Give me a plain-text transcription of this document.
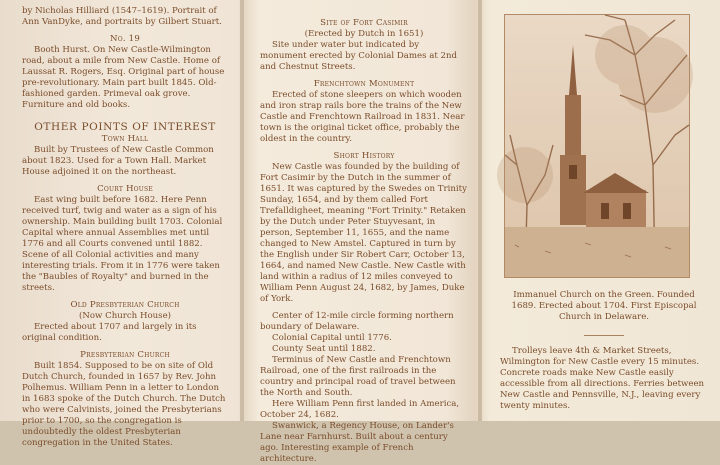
by Nicholas Hilliard (1547–1619). Portrait of Ann VanDyke, and portraits by Gilbert Stuart.

No. 19

Booth Hurst. On New Castle-Wilmington road, about a mile from New Castle. Home of Laussat R. Rogers, Esq. Original part of house pre-revolutionary. Main part built 1845. Old-fashioned garden. Primeval oak grove. Furniture and old books.

OTHER POINTS OF INTEREST
Town Hall

Built by Trustees of New Castle Common about 1823. Used for a Town Hall. Market House adjoined it on the northeast.

Court House

East wing built before 1682. Here Penn received turf, twig and water as a sign of his ownership. Main building built 1703. Colonial Capital where annual Assemblies met until 1776 and all Courts convened until 1882. Scene of all Colonial activities and many interesting trials. From it in 1776 were taken the "Baubles of Royalty" and burned in the streets.

Old Presbyterian Church

(Now Church House)

Erected about 1707 and largely in its original condition.

Presbyterian Church

Built 1854. Supposed to be on site of Old Dutch Church, founded in 1657 by Rev. John Polhemus. William Penn in a letter to London in 1683 spoke of the Dutch Church. The Dutch who were Calvinists, joined the Presbyterians prior to 1700, so the congregation is undoubtedly the oldest Presbyterian congregation in the United States.

Site of Fort Casimir

(Erected by Dutch in 1651)

Site under water but indicated by monument erected by Colonial Dames at 2nd and Chestnut Streets.

Frenchtown Monument

Erected of stone sleepers on which wooden and iron strap rails bore the trains of the New Castle and Frenchtown Railroad in 1831. Near town is the original ticket office, probably the oldest in the country.

Short History

New Castle was founded by the building of Fort Casimir by the Dutch in the summer of 1651. It was captured by the Swedes on Trinity Sunday, 1654, and by them called Fort Trefalldigheet, meaning "Fort Trinity." Retaken by the Dutch under Peter Stuyvesant, in person, September 11, 1655, and the name changed to New Amstel. Captured in turn by the English under Sir Robert Carr, October 13, 1664, and named New Castle. New Castle with land within a radius of 12 miles conveyed to William Penn August 24, 1682, by James, Duke of York.

Center of 12-mile circle forming northern boundary of Delaware.

Colonial Capital until 1776.

County Seat until 1882.

Terminus of New Castle and Frenchtown Railroad, one of the first railroads in the country and principal road of travel between the North and South.

Here William Penn first landed in America, October 24, 1682.

Swanwick, a Regency House, on Lander's Lane near Farnhurst. Built about a century ago. Interesting example of French architecture.

Immanuel Church on the Green. Founded 1689. Erected about 1704. First Episcopal Church in Delaware.

Trolleys leave 4th & Market Streets, Wilmington for New Castle every 15 minutes. Concrete roads make New Castle easily accessible from all directions. Ferries between New Castle and Pennsville, N.J., leaving every twenty minutes.
